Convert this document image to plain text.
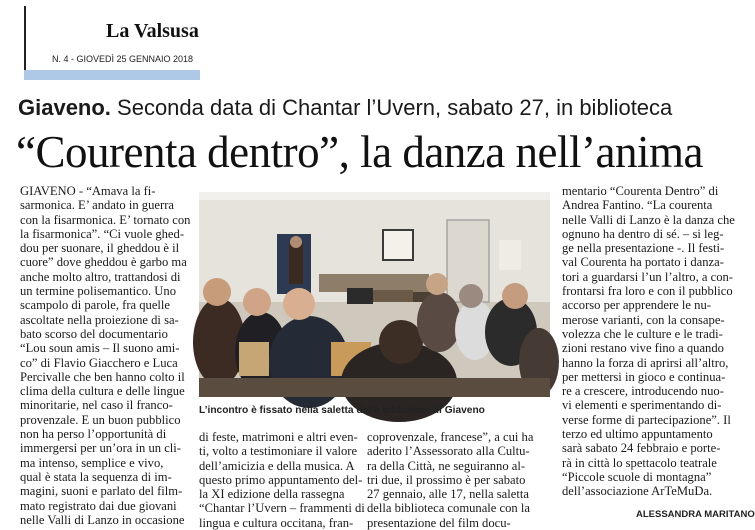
La Valsusa
N. 4 - GIOVEDÌ 25 GENNAIO 2018
Giaveno. Seconda data di Chantar l’Uvern, sabato 27, in biblioteca
“Courenta dentro”, la danza nell’anima
GIAVENO - “Amava la fi-
sarmonica. E’ andato in guerra
con la fisarmonica. E’ tornato con
la fisarmonica”. “Ci vuole ghed-
dou per suonare, il gheddou è il
cuore” dove gheddou è garbo ma
anche molto altro, trattandosi di
un termine polisemantico. Uno
scampolo di parole, fra quelle
ascoltate nella proiezione di sa-
bato scorso del documentario
“Lou soun amis – Il suono ami-
co” di Flavio Giacchero e Luca
Percivalle che ben hanno colto il
clima della cultura e delle lingue
minoritarie, nel caso il franco-
provenzale. E un buon pubblico
non ha perso l’opportunità di
immergersi per un’ora in un cli-
ma intenso, semplice e vivo,
qual è stata la sequenza di im-
magini, suoni e parlato del film-
mato registrato dai due giovani
nelle Valli di Lanzo in occasione
L’incontro è fissato nella saletta della biblioteca di Giaveno
di feste, matrimoni e altri even-
ti, volto a testimoniare il valore
dell’amicizia e della musica. A
questo primo appuntamento del-
la XI edizione della rassegna
“Chantar l’Uvern – frammenti di
lingua e cultura occitana, fran-
coprovenzale, francese”, a cui ha
aderito l’Assessorato alla Cultu-
ra della Città, ne seguiranno al-
tri due, il prossimo è per sabato
27 gennaio, alle 17, nella saletta
della biblioteca comunale con la
presentazione del film docu-
mentario “Courenta Dentro” di
Andrea Fantino. “La courenta
nelle Valli di Lanzo è la danza che
ognuno ha dentro di sé. – si leg-
ge nella presentazione -. Il festi-
val Courenta ha portato i danza-
tori a guardarsi l’un l’altro, a con-
frontarsi fra loro e con il pubblico
accorso per apprendere le nu-
merose varianti, con la consape-
volezza che le culture e le tradi-
zioni restano vive fino a quando
hanno la forza di aprirsi all’altro,
per mettersi in gioco e continua-
re a crescere, introducendo nuo-
vi elementi e sperimentando di-
verse forme di partecipazione”. Il
terzo ed ultimo appuntamento
sarà sabato 24 febbraio e porte-
rà in città lo spettacolo teatrale
“Piccole scuole di montagna”
dell’associazione ArTeMuDa.
ALESSANDRA MARITANO
